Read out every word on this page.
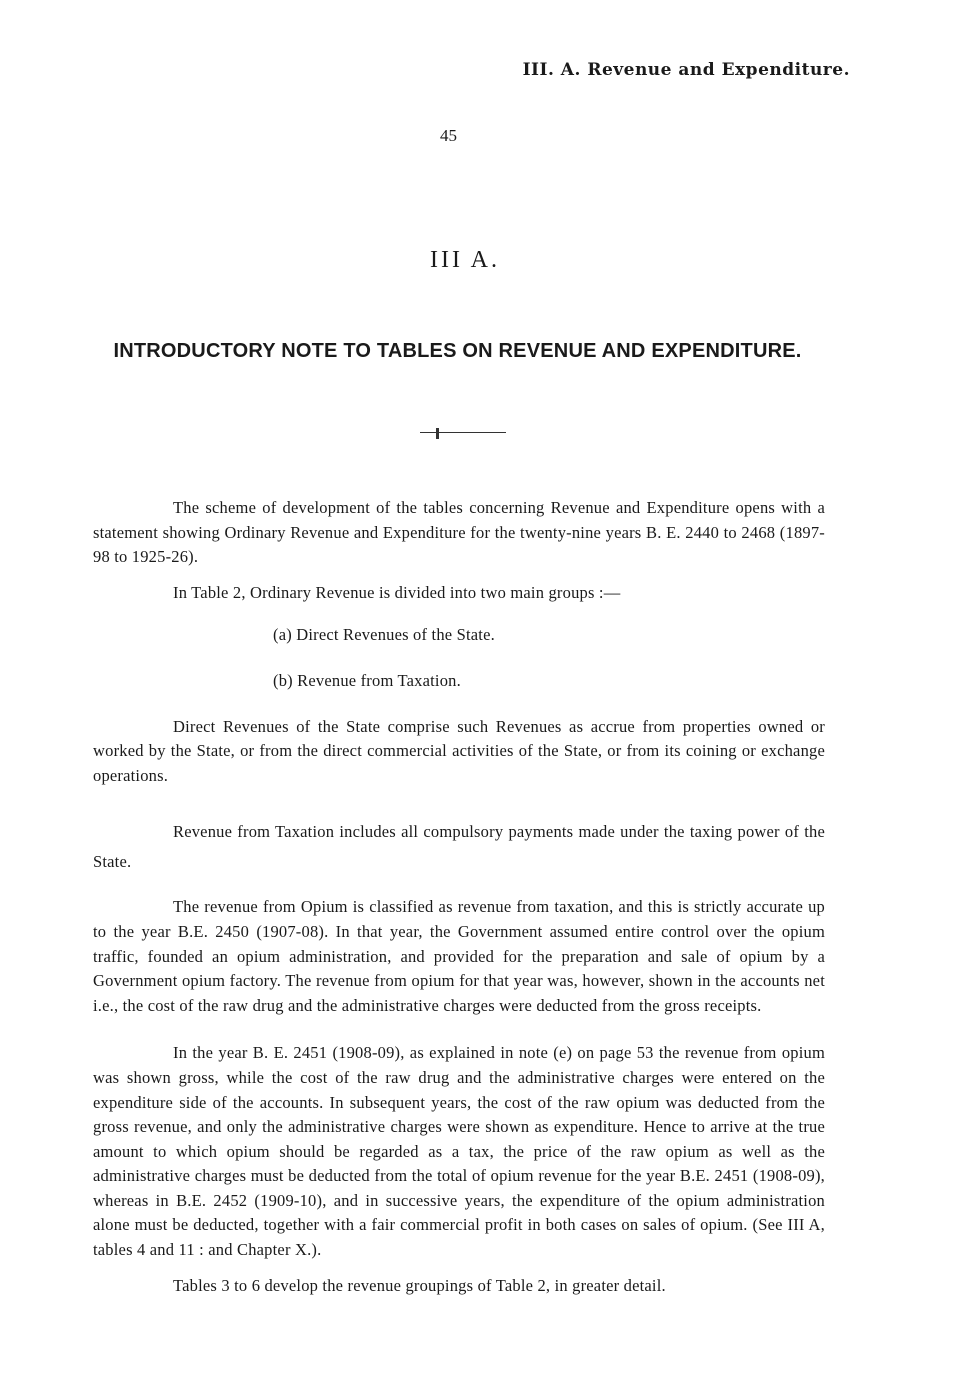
III. A. Revenue and Expenditure.
45
III A.
INTRODUCTORY NOTE TO TABLES ON REVENUE AND EXPENDITURE.

The scheme of development of the tables concerning Revenue and Expenditure opens with a statement showing Ordinary Revenue and Expenditure for the twenty-nine years B. E. 2440 to 2468 (1897-98 to 1925-26).

In Table 2, Ordinary Revenue is divided into two main groups :—

(a) Direct Revenues of the State.

(b) Revenue from Taxation.

Direct Revenues of the State comprise such Revenues as accrue from properties owned or worked by the State, or from the direct commercial activities of the State, or from its coining or exchange operations.

Revenue from Taxation includes all compulsory payments made under the taxing power of the State.

The revenue from Opium is classified as revenue from taxation, and this is strictly accurate up to the year B.E. 2450 (1907-08). In that year, the Government assumed entire control over the opium traffic, founded an opium administration, and provided for the preparation and sale of opium by a Government opium factory. The revenue from opium for that year was, however, shown in the accounts net i.e., the cost of the raw drug and the administrative charges were deducted from the gross receipts.

In the year B. E. 2451 (1908-09), as explained in note (e) on page 53 the revenue from opium was shown gross, while the cost of the raw drug and the administrative charges were entered on the expenditure side of the accounts. In subsequent years, the cost of the raw opium was deducted from the gross revenue, and only the administrative charges were shown as expenditure. Hence to arrive at the true amount to which opium should be regarded as a tax, the price of the raw opium as well as the administrative charges must be deducted from the total of opium revenue for the year B.E. 2451 (1908-09), whereas in B.E. 2452 (1909-10), and in successive years, the expenditure of the opium administration alone must be deducted, together with a fair commercial profit in both cases on sales of opium. (See III A, tables 4 and 11 : and Chapter X.).

Tables 3 to 6 develop the revenue groupings of Table 2, in greater detail.
